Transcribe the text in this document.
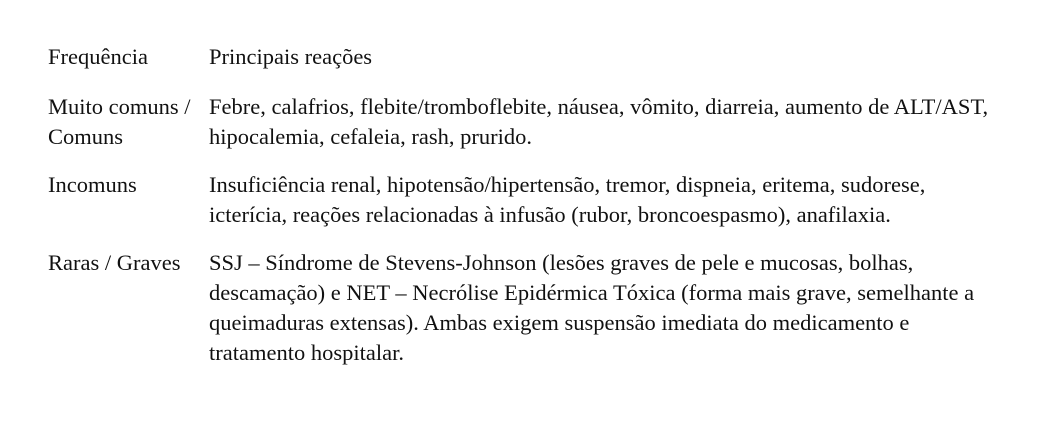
Frequência	Principais reações
Muito comuns / Comuns	Febre, calafrios, flebite/tromboflebite, náusea, vômito, diarreia, aumento de ALT/AST, hipocalemia, cefaleia, rash, prurido.
Incomuns	Insuficiência renal, hipotensão/hipertensão, tremor, dispneia, eritema, sudorese, icterícia, reações relacionadas à infusão (rubor, broncoespasmo), anafilaxia.
Raras / Graves	SSJ – Síndrome de Stevens-Johnson (lesões graves de pele e mucosas, bolhas, descamação) e NET – Necrólise Epidérmica Tóxica (forma mais grave, semelhante a queimaduras extensas). Ambas exigem suspensão imediata do medicamento e tratamento hospitalar.
